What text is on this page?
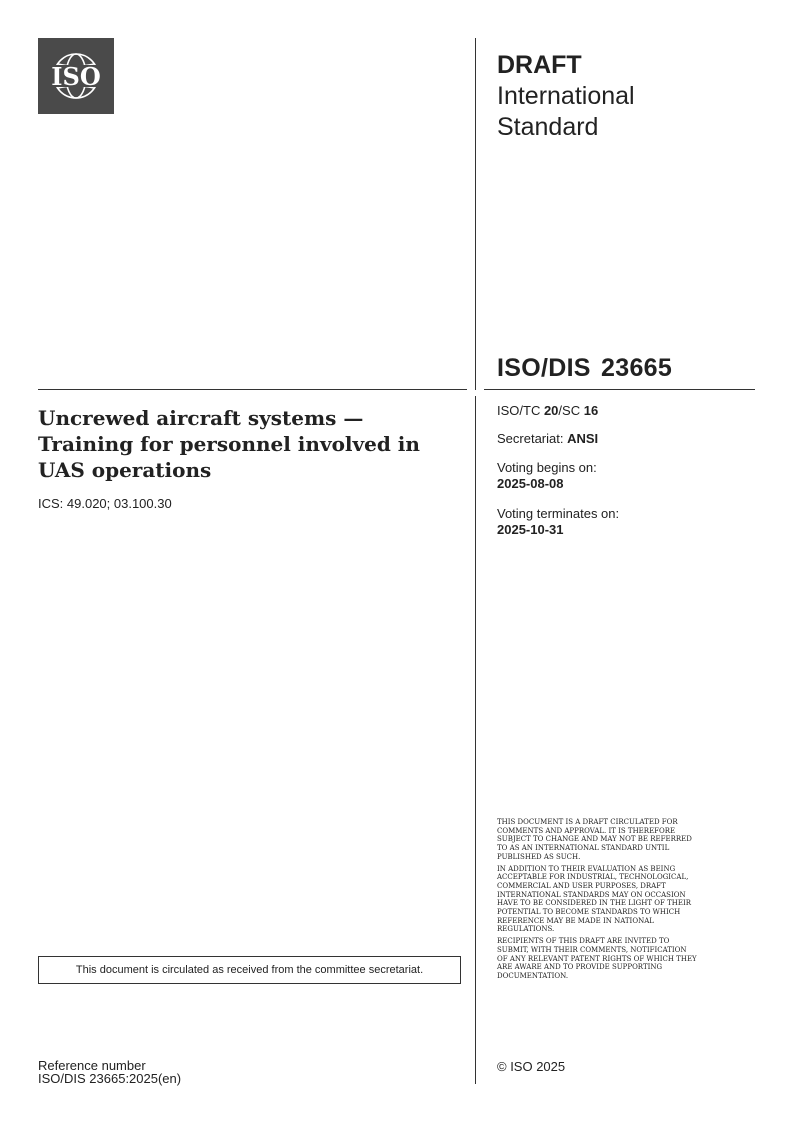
ISO	DRAFT
International
Standard
ISO/DIS 23665
Uncrewed aircraft systems —
Training for personnel involved in
UAS operations
ICS: 49.020; 03.100.30
ISO/TC 20/SC 16
Secretariat: ANSI
Voting begins on:
2025-08-08
Voting terminates on:
2025-10-31

THIS DOCUMENT IS A DRAFT CIRCULATED FOR COMMENTS AND APPROVAL. IT IS THEREFORE SUBJECT TO CHANGE AND MAY NOT BE REFERRED TO AS AN INTERNATIONAL STANDARD UNTIL PUBLISHED AS SUCH.

IN ADDITION TO THEIR EVALUATION AS BEING ACCEPTABLE FOR INDUSTRIAL, TECHNOLOGICAL, COMMERCIAL AND USER PURPOSES, DRAFT INTERNATIONAL STANDARDS MAY ON OCCASION HAVE TO BE CONSIDERED IN THE LIGHT OF THEIR POTENTIAL TO BECOME STANDARDS TO WHICH REFERENCE MAY BE MADE IN NATIONAL REGULATIONS.

RECIPIENTS OF THIS DRAFT ARE INVITED TO SUBMIT, WITH THEIR COMMENTS, NOTIFICATION OF ANY RELEVANT PATENT RIGHTS OF WHICH THEY ARE AWARE AND TO PROVIDE SUPPORTING DOCUMENTATION.

This document is circulated as received from the committee secretariat.
© ISO 2025
Reference number
ISO/DIS 23665:2025(en)
